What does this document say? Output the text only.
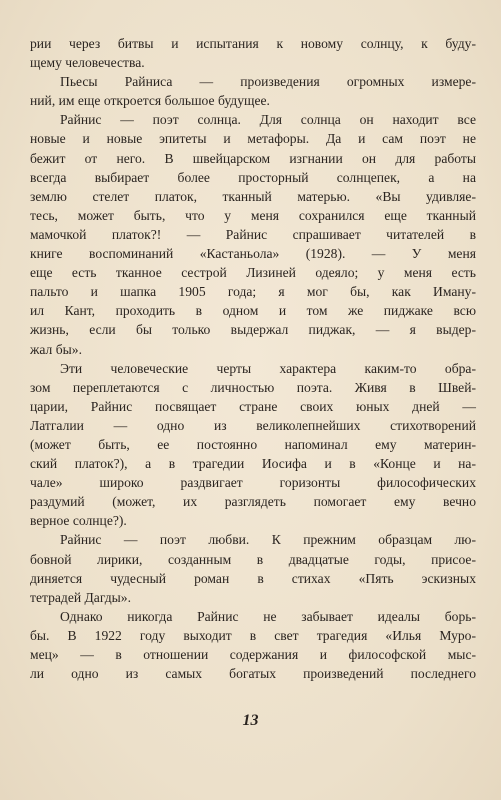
рии через битвы и испытания к новому солнцу, к буду-
щему человечества.
Пьесы Райниса — произведения огромных измере-
ний, им еще откроется большое будущее.
Райнис — поэт солнца. Для солнца он находит все
новые и новые эпитеты и метафоры. Да и сам поэт не
бежит от него. В швейцарском изгнании он для работы
всегда выбирает более просторный солнцепек, а на
землю стелет платок, тканный матерью. «Вы удивляе-
тесь, может быть, что у меня сохранился еще тканный
мамочкой платок?! — Райнис спрашивает читателей в
книге воспоминаний «Кастаньола» (1928). — У меня
еще есть тканное сестрой Лизиней одеяло; у меня есть
пальто и шапка 1905 года; я мог бы, как Иману-
ил Кант, проходить в одном и том же пиджаке всю
жизнь, если бы только выдержал пиджак, — я выдер-
жал бы».
Эти человеческие черты характера каким-то обра-
зом переплетаются с личностью поэта. Живя в Швей-
царии, Райнис посвящает стране своих юных дней —
Латгалии — одно из великолепнейших стихотворений
(может быть, ее постоянно напоминал ему материн-
ский платок?), а в трагедии Иосифа и в «Конце и на-
чале» широко раздвигает горизонты философических
раздумий (может, их разглядеть помогает ему вечно
верное солнце?).
Райнис — поэт любви. К прежним образцам лю-
бовной лирики, созданным в двадцатые годы, присое-
диняется чудесный роман в стихах «Пять эскизных
тетрадей Дагды».
Однако никогда Райнис не забывает идеалы борь-
бы. В 1922 году выходит в свет трагедия «Илья Муро-
мец» — в отношении содержания и философской мыс-
ли одно из самых богатых произведений последнего
13
